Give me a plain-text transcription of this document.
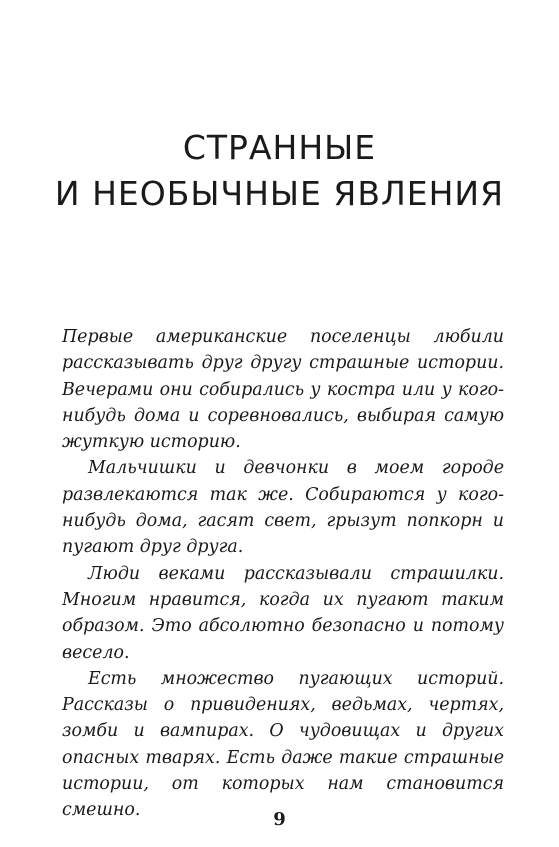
СТРАННЫЕ
И НЕОБЫЧНЫЕ ЯВЛЕНИЯ

Первые американские поселенцы любили рассказывать друг другу страшные истории. Вечерами они собирались у костра или у кого-нибудь дома и соревновались, выбирая самую жуткую историю.

Мальчишки и девчонки в моем городе развлекаются так же. Собираются у кого-нибудь дома, гасят свет, грызут попкорн и пугают друг друга.

Люди веками рассказывали страшилки. Многим нравится, когда их пугают таким образом. Это абсолютно безопасно и потому весело.

Есть множество пугающих историй. Рассказы о привидениях, ведьмах, чертях, зомби и вампирах. О чудовищах и других опасных тварях. Есть даже такие страшные истории, от которых нам становится смешно.	9
